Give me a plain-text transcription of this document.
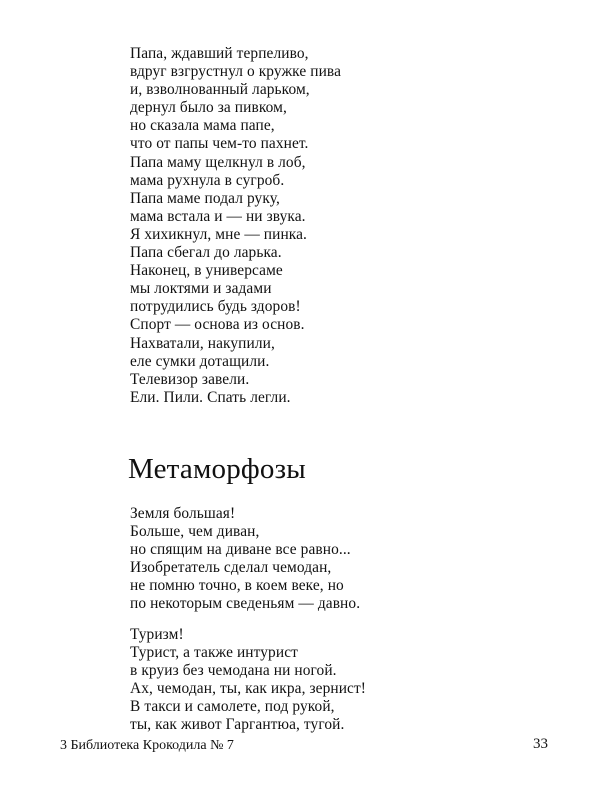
Папа, ждавший терпеливо,
вдруг взгрустнул о кружке пива
и, взволнованный ларьком,
дернул было за пивком,
но сказала мама папе,
что от папы чем-то пахнет.
Папа маму щелкнул в лоб,
мама рухнула в сугроб.
Папа маме подал руку,
мама встала и — ни звука.
Я хихикнул, мне — пинка.
Папа сбегал до ларька.
Наконец, в универсаме
мы локтями и задами
потрудились будь здоров!
Спорт — основа из основ.
Нахватали, накупили,
еле сумки дотащили.
Телевизор завели.
Ели. Пили. Спать легли.
Метаморфозы
Земля большая!
Больше, чем диван,
но спящим на диване все равно...
Изобретатель сделал чемодан,
не помню точно, в коем веке, но
по некоторым сведеньям — давно.
Туризм!
Турист, а также интурист
в круиз без чемодана ни ногой.
Ах, чемодан, ты, как икра, зернист!
В такси и самолете, под рукой,
ты, как живот Гаргантюа, тугой.
3 Библиотека Крокодила № 7	33
